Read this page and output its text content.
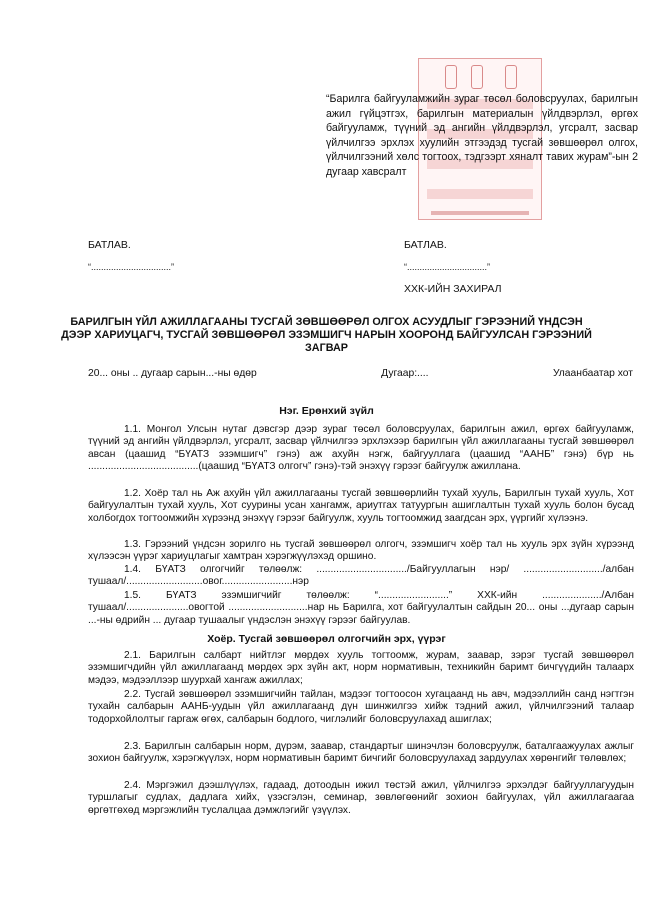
“Барилга байгууламжийн зураг төсөл боловсруулах, барилгын ажил гүйцэтгэх, барилгын материалын үйлдвэрлэл, өргөх байгууламж, түүний эд ангийн үйлдвэрлэл, угсралт, засвар үйлчилгээ эрхлэх хуулийн этгээдэд тусгай зөвшөөрөл олгох, үйлчилгээний хөлс тогтоох, тэдгээрт хяналт тавих журам”-ын 2 дугаар хавсралт
БАТЛАВ.
“................................”
БАТЛАВ.
“................................”
ХХК-ИЙН ЗАХИРАЛ
БАРИЛГЫН ҮЙЛ АЖИЛЛАГААНЫ ТУСГАЙ ЗӨВШӨӨРӨЛ ОЛГОХ АСУУДЛЫГ ГЭРЭЭНИЙ ҮНДСЭН ДЭЭР ХАРИУЦАГЧ, ТУСГАЙ ЗӨВШӨӨРӨЛ ЭЗЭМШИГЧ НАРЫН ХООРОНД БАЙГУУЛСАН ГЭРЭЭНИЙ ЗАГВАР
20... оны .. дугаар сарын...-ны өдөр	Дугаар:....	Улаанбаатар хот
Нэг. Ерөнхий зүйл
1.1. Монгол Улсын нутаг дэвсгэр дээр зураг төсөл боловсруулах, барилгын ажил, өргөх байгууламж, түүний эд ангийн үйлдвэрлэл, угсралт, засвар үйлчилгээ эрхлэхээр барилгын үйл ажиллагааны тусгай зөвшөөрөл авсан (цаашид “БҮАТЗ эзэмшигч” гэнэ) аж ахуйн нэгж, байгууллага (цаашид “ААНБ” гэнэ) бүр нь .......................................(цаашид “БҮАТЗ олгогч” гэнэ)-тэй энэхүү гэрээг байгуулж ажиллана.
1.2. Хоёр тал нь Аж ахуйн үйл ажиллагааны тусгай зөвшөөрлийн тухай хууль, Барилгын тухай хууль, Хот байгуулалтын тухай хууль, Хот суурины усан хангамж, ариутгах татуургын ашиглалтын тухай хууль болон бусад холбогдох тогтоомжийн хүрээнд энэхүү гэрээг байгуулж, хууль тогтоомжид заагдсан эрх, үүргийг хүлээнэ.
1.3. Гэрээний үндсэн зорилго нь тусгай зөвшөөрөл олгогч, эзэмшигч хоёр тал нь хууль эрх зүйн хүрээнд хүлээсэн үүрэг хариуцлагыг хамтран хэрэгжүүлэхэд оршино.
1.4. БҮАТЗ олгогчийг төлөөлж: ................................/Байгууллагын нэр/ ............................/албан тушаал/...........................овог.........................нэр
1.5. БҮАТЗ эзэмшигчийг төлөөлж: “.........................” ХХК-ийн ...................../Албан тушаал/......................овогтой ............................нар нь Барилга, хот байгуулалтын сайдын 20... оны ...дугаар сарын ...-ны өдрийн ... дугаар тушаалыг үндэслэн энэхүү гэрээг байгуулав.
Хоёр. Тусгай зөвшөөрөл олгогчийн эрх, үүрэг
2.1. Барилгын салбарт нийтлэг мөрдөх хууль тогтоомж, журам, заавар, зэрэг тусгай зөвшөөрөл эзэмшигчдийн үйл ажиллагаанд мөрдөх эрх зүйн акт, норм нормативын, техникийн баримт бичгүүдийн талаарх мэдээ, мэдээллээр шуурхай хангаж ажиллах;
2.2. Тусгай зөвшөөрөл эзэмшигчийн тайлан, мэдээг тогтоосон хугацаанд нь авч, мэдээллийн санд нэгтгэн тухайн салбарын ААНБ-уудын үйл ажиллагаанд дүн шинжилгээ хийж тэдний ажил, үйлчилгээний талаар тодорхойлолтыг гаргаж өгөх, салбарын бодлого, чиглэлийг боловсруулахад ашиглах;
2.3. Барилгын салбарын норм, дүрэм, заавар, стандартыг шинэчлэн боловсруулж, баталгаажуулах ажлыг зохион байгуулж, хэрэгжүүлэх, норм нормативын баримт бичгийг боловсруулахад зардуулах хөрөнгийг төлөвлөх;
2.4. Мэргэжил дээшлүүлэх, гадаад, дотоодын ижил төстэй ажил, үйлчилгээ эрхэлдэг байгууллагуудын туршлагыг судлах, дадлага хийх, үзэсгэлэн, семинар, зөвлөгөөнийг зохион байгуулах, үйл ажиллагаагаа өргөтгөхөд мэргэжлийн туслалцаа дэмжлэгийг үзүүлэх.
